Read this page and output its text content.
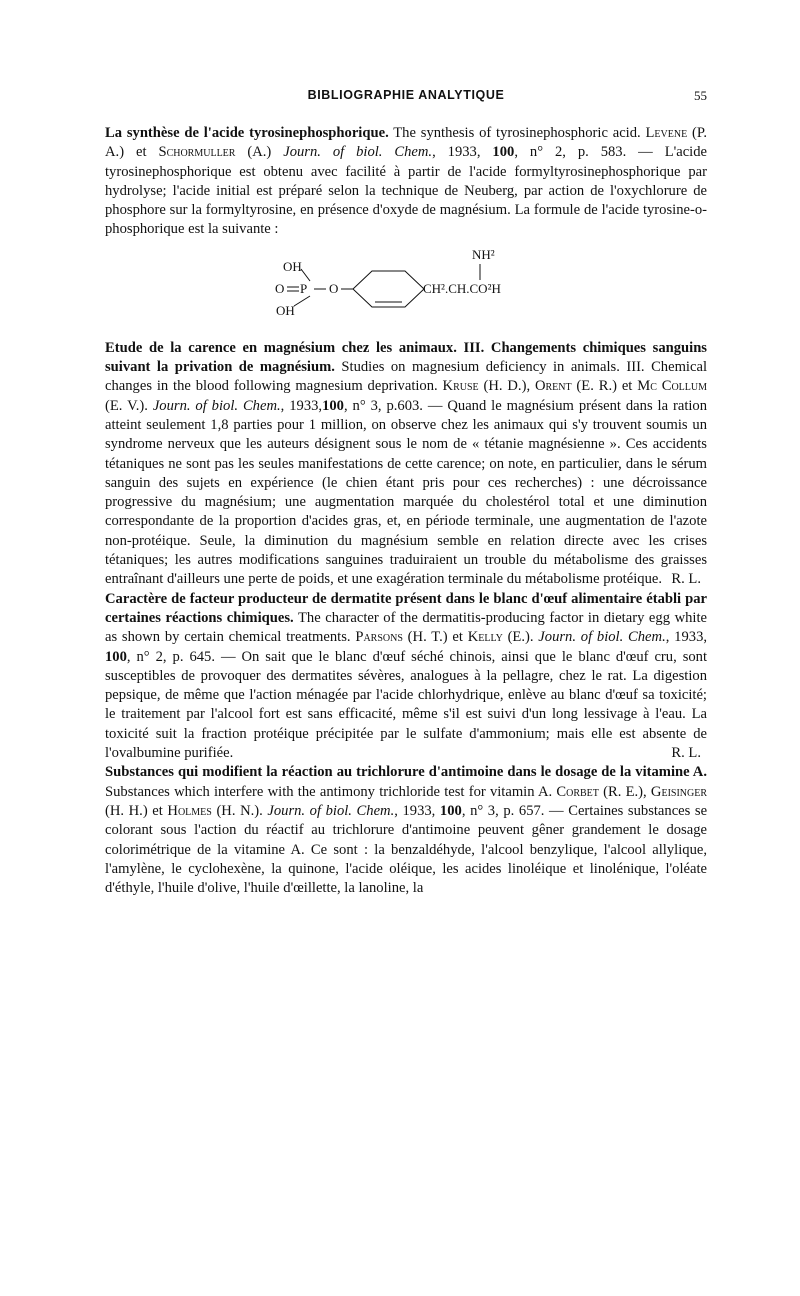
BIBLIOGRAPHIE ANALYTIQUE	55

La synthèse de l'acide tyrosinephosphorique. The synthesis of tyrosinephosphoric acid. Levene (P. A.) et Schormuller (A.) Journ. of biol. Chem., 1933, 100, n° 2, p. 583. — L'acide tyrosinephosphorique est obtenu avec facilité à partir de l'acide formyltyrosinephosphorique par hydrolyse; l'acide initial est préparé selon la technique de Neuberg, par action de l'oxychlorure de phosphore sur la formyltyrosine, en présence d'oxyde de magnésium. La formule de l'acide tyrosine-o-phosphorique est la suivante :

OH
O P O
OH
NH²
CH².CH.CO²H

Etude de la carence en magnésium chez les animaux. III. Changements chimiques sanguins suivant la privation de magnésium. Studies on magnesium deficiency in animals. III. Chemical changes in the blood following magnesium deprivation. Kruse (H. D.), Orent (E. R.) et Mc Collum (E. V.). Journ. of biol. Chem., 1933,100, n° 3, p.603. — Quand le magnésium présent dans la ration atteint seulement 1,8 parties pour 1 million, on observe chez les animaux qui s'y trouvent soumis un syndrome nerveux que les auteurs désignent sous le nom de « tétanie magnésienne ». Ces accidents tétaniques ne sont pas les seules manifestations de cette carence; on note, en particulier, dans le sérum sanguin des sujets en expérience (le chien étant pris pour ces recherches) : une décroissance progressive du magnésium; une augmentation marquée du cholestérol total et une diminution correspondante de la proportion d'acides gras, et, en période terminale, une augmentation de l'azote non-protéique. Seule, la diminution du magnésium semble en relation directe avec les crises tétaniques; les autres modifications sanguines traduiraient un trouble du métabolisme des graisses entraînant d'ailleurs une perte de poids, et une exagération terminale du métabolisme protéique. R. L.

Caractère de facteur producteur de dermatite présent dans le blanc d'œuf alimentaire établi par certaines réactions chimiques. The character of the dermatitis-producing factor in dietary egg white as shown by certain chemical treatments. Parsons (H. T.) et Kelly (E.). Journ. of biol. Chem., 1933, 100, n° 2, p. 645. — On sait que le blanc d'œuf séché chinois, ainsi que le blanc d'œuf cru, sont susceptibles de provoquer des dermatites sévères, analogues à la pellagre, chez le rat. La digestion pepsique, de même que l'action ménagée par l'acide chlorhydrique, enlève au blanc d'œuf sa toxicité; le traitement par l'alcool fort est sans efficacité, même s'il est suivi d'un long lessivage à l'eau. La toxicité suit la fraction protéique précipitée par le sulfate d'ammonium; mais elle est absente de l'ovalbumine purifiée.	R. L.

Substances qui modifient la réaction au trichlorure d'antimoine dans le dosage de la vitamine A. Substances which interfere with the antimony trichloride test for vitamin A. Corbet (R. E.), Geisinger (H. H.) et Holmes (H. N.). Journ. of biol. Chem., 1933, 100, n° 3, p. 657. — Certaines substances se colorant sous l'action du réactif au trichlorure d'antimoine peuvent gêner grandement le dosage colorimétrique de la vitamine A. Ce sont : la benzaldéhyde, l'alcool benzylique, l'alcool allylique, l'amylène, le cyclohexène, la quinone, l'acide oléique, les acides linoléique et linolénique, l'oléate d'éthyle, l'huile d'olive, l'huile d'œillette, la lanoline, la
